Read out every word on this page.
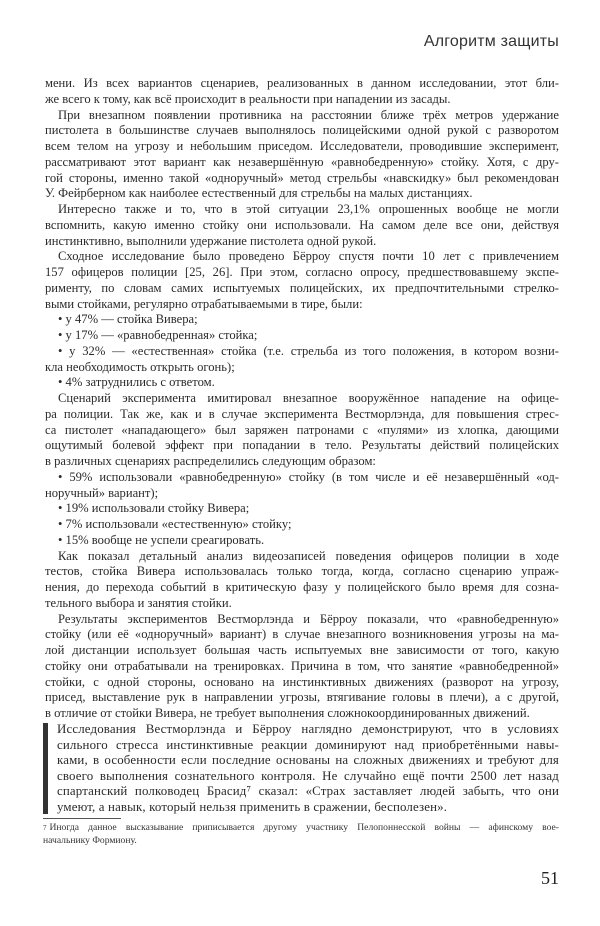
Алгоритм защиты
мени. Из всех вариантов сценариев, реализованных в данном исследовании, этот бли-
же всего к тому, как всё происходит в реальности при нападении из засады.
При внезапном появлении противника на расстоянии ближе трёх метров удержание
пистолета в большинстве случаев выполнялось полицейскими одной рукой с разворотом
всем телом на угрозу и небольшим приседом. Исследователи, проводившие эксперимент,
рассматривают этот вариант как незавершённую «равнобедренную» стойку. Хотя, с дру-
гой стороны, именно такой «одноручный» метод стрельбы «навскидку» был рекомендован
У. Фейрберном как наиболее естественный для стрельбы на малых дистанциях.
Интересно также и то, что в этой ситуации 23,1% опрошенных вообще не могли
вспомнить, какую именно стойку они использовали. На самом деле все они, действуя
инстинктивно, выполнили удержание пистолета одной рукой.
Сходное исследование было проведено Бёрроу спустя почти 10 лет с привлечением
157 офицеров полиции [25, 26]. При этом, согласно опросу, предшествовавшему экспе-
рименту, по словам самих испытуемых полицейских, их предпочтительными стрелко-
выми стойками, регулярно отрабатываемыми в тире, были:
• у 47% — стойка Вивера;
• у 17% — «равнобедренная» стойка;
• у 32% — «естественная» стойка (т.е. стрельба из того положения, в котором возни-
кла необходимость открыть огонь);
• 4% затруднились с ответом.
Сценарий эксперимента имитировал внезапное вооружённое нападение на офице-
ра полиции. Так же, как и в случае эксперимента Вестморлэнда, для повышения стрес-
са пистолет «нападающего» был заряжен патронами с «пулями» из хлопка, дающими
ощутимый болевой эффект при попадании в тело. Результаты действий полицейских
в различных сценариях распределились следующим образом:
• 59% использовали «равнобедренную» стойку (в том числе и её незавершённый «од-
норучный» вариант);
• 19% использовали стойку Вивера;
• 7% использовали «естественную» стойку;
• 15% вообще не успели среагировать.
Как показал детальный анализ видеозаписей поведения офицеров полиции в ходе
тестов, стойка Вивера использовалась только тогда, когда, согласно сценарию упраж-
нения, до перехода событий в критическую фазу у полицейского было время для созна-
тельного выбора и занятия стойки.
Результаты экспериментов Вестморлэнда и Бёрроу показали, что «равнобедренную»
стойку (или её «одноручный» вариант) в случае внезапного возникновения угрозы на ма-
лой дистанции использует большая часть испытуемых вне зависимости от того, какую
стойку они отрабатывали на тренировках. Причина в том, что занятие «равнобедренной»
стойки, с одной стороны, основано на инстинктивных движениях (разворот на угрозу,
присед, выставление рук в направлении угрозы, втягивание головы в плечи), а с другой,
в отличие от стойки Вивера, не требует выполнения сложнокоординированных движений.
Исследования Вестморлэнда и Бёрроу наглядно демонстрируют, что в условиях
сильного стресса инстинктивные реакции доминируют над приобретёнными навы-
ками, в особенности если последние основаны на сложных движениях и требуют для
своего выполнения сознательного контроля. Не случайно ещё почти 2500 лет назад
спартанский полководец Брасид⁷ сказал: «Страх заставляет людей забыть, что они
умеют, а навык, который нельзя применить в сражении, бесполезен».
$^7$ Иногда данное высказывание приписывается другому участнику Пелопоннесской войны — афинскому вое-
начальнику Формиону.
51
